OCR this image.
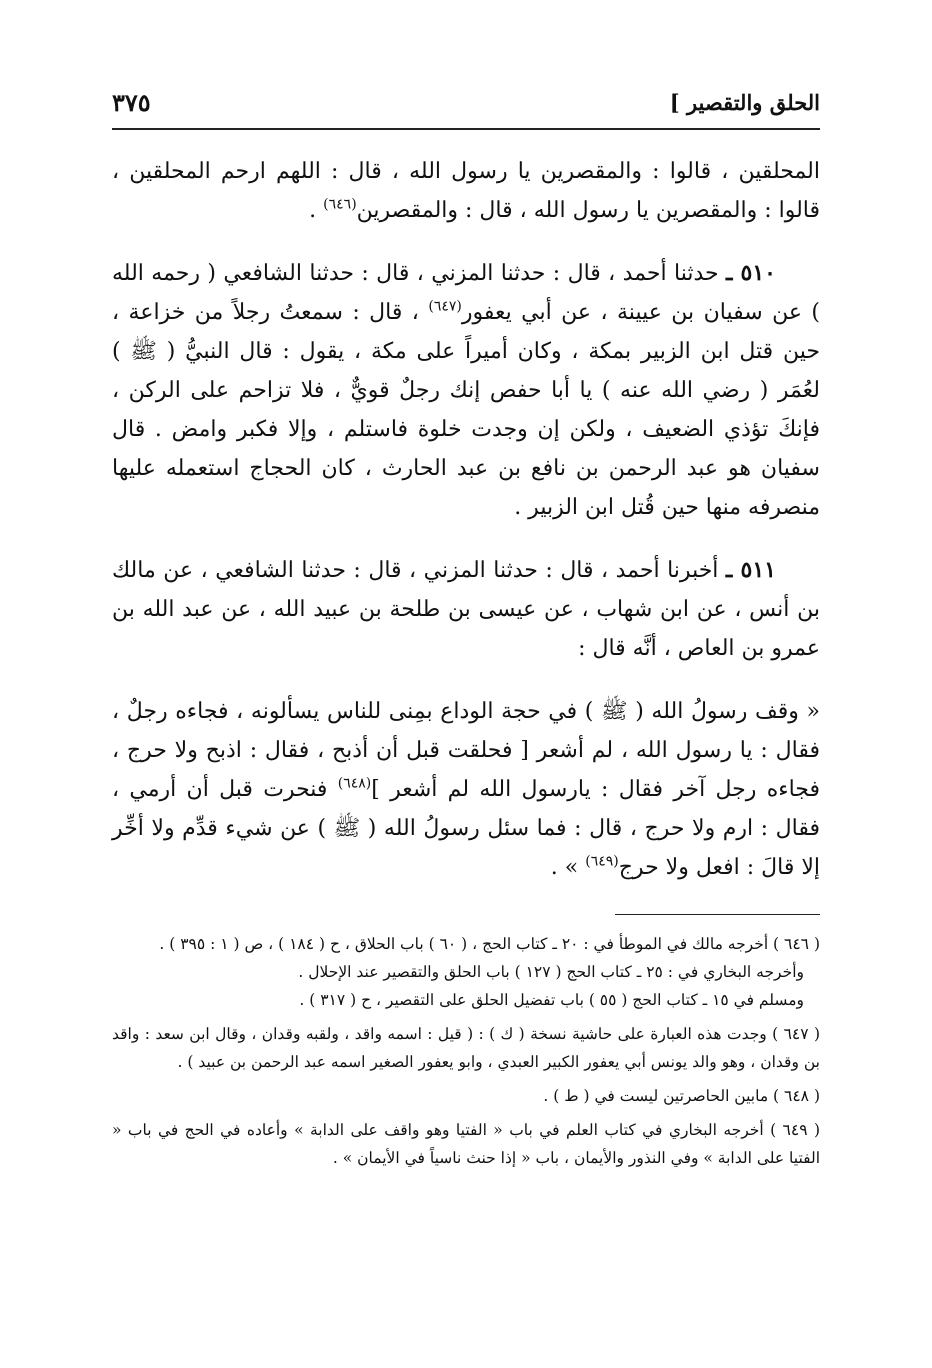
الحلق والتقصير ]
٣٧٥

المحلقين ، قالوا : والمقصرين يا رسول الله ، قال : اللهم ارحم المحلقين ، قالوا : والمقصرين يا رسول الله ، قال : والمقصرين$^{(٦٤٦)}$ .

٥١٠ ـ حدثنا أحمد ، قال : حدثنا المزني ، قال : حدثنا الشافعي ( رحمه الله ) عن سفيان بن عيينة ، عن أبي يعفور$^{(٦٤٧)}$ ، قال : سمعتُ رجلاً من خزاعة ، حين قتل ابن الزبير بمكة ، وكان أميراً على مكة ، يقول : قال النبيُّ ( ﷺ ) لعُمَر ( رضي الله عنه ) يا أبا حفص إنك رجلٌ قويٌّ ، فلا تزاحم على الركن ، فإنكَ تؤذي الضعيف ، ولكن إن وجدت خلوة فاستلم ، وإلا فكبر وامض . قال سفيان هو عبد الرحمن بن نافع بن عبد الحارث ، كان الحجاج استعمله عليها منصرفه منها حين قُتل ابن الزبير .

٥١١ ـ أخبرنا أحمد ، قال : حدثنا المزني ، قال : حدثنا الشافعي ، عن مالك بن أنس ، عن ابن شهاب ، عن عيسى بن طلحة بن عبيد الله ، عن عبد الله بن عمرو بن العاص ، أنَّه قال :

« وقف رسولُ الله ( ﷺ ) في حجة الوداع بمِنى للناس يسألونه ، فجاءه رجلٌ ، فقال : يا رسول الله ، لم أشعر [ فحلقت قبل أن أذبح ، فقال : اذبح ولا حرج ، فجاءه رجل آخر فقال : يارسول الله لم أشعر ]$^{(٦٤٨)}$ فنحرت قبل أن أرمي ، فقال : ارم ولا حرج ، قال : فما سئل رسولُ الله ( ﷺ ) عن شيء قدِّم ولا أخِّر إلا قالَ : افعل ولا حرج$^{(٦٤٩)}$ » .

( ٦٤٦ ) أخرجه مالك في الموطأ في : ٢٠ ـ كتاب الحج ، ( ٦٠ ) باب الحلاق ، ح ( ١٨٤ ) ، ص ( ١ : ٣٩٥ ) .

وأخرجه البخاري في : ٢٥ ـ كتاب الحج ( ١٢٧ ) باب الحلق والتقصير عند الإحلال .

ومسلم في ١٥ ـ كتاب الحج ( ٥٥ ) باب تفضيل الحلق على التقصير ، ح ( ٣١٧ ) .

( ٦٤٧ ) وجدت هذه العبارة على حاشية نسخة ( ك ) : ( قيل : اسمه واقد ، ولقبه وقدان ، وقال ابن سعد : واقد بن وقدان ، وهو والد يونس أبي يعفور الكبير العبدي ، وابو يعفور الصغير اسمه عبد الرحمن بن عبيد ) .

( ٦٤٨ ) مابين الحاصرتين ليست في ( ط ) .

( ٦٤٩ ) أخرجه البخاري في كتاب العلم في باب « الفتيا وهو واقف على الدابة » وأعاده في الحج في باب « الفتيا على الدابة » وفي النذور والأيمان ، باب « إذا حنث ناسياً في الأيمان » .
